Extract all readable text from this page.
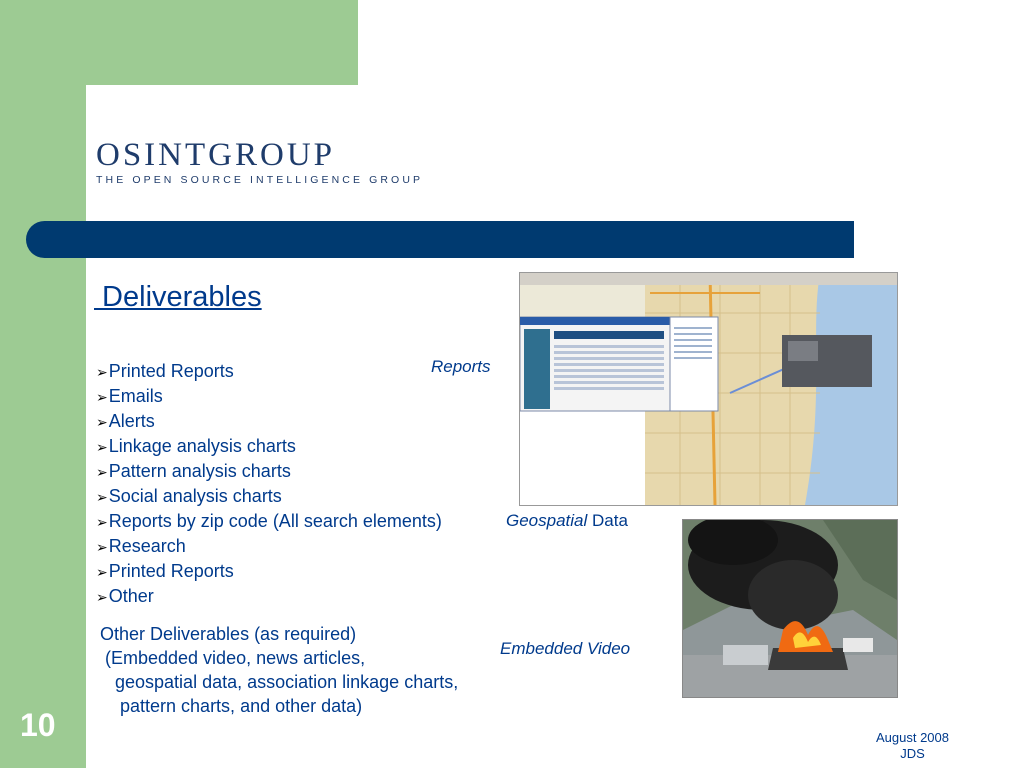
OSINTGROUP
THE OPEN SOURCE INTELLIGENCE GROUP
Deliverables
➢Printed Reports
➢Emails
➢Alerts
➢Linkage analysis charts
➢Pattern analysis charts
➢Social analysis charts
➢Reports by zip code (All search elements)
➢Research
➢Printed Reports
➢Other
Other Deliverables (as required)
(Embedded video, news articles,
geospatial data, association linkage charts,
pattern charts, and other data)
Reports
Geospatial Data
Embedded Video
10	August 2008
JDS
